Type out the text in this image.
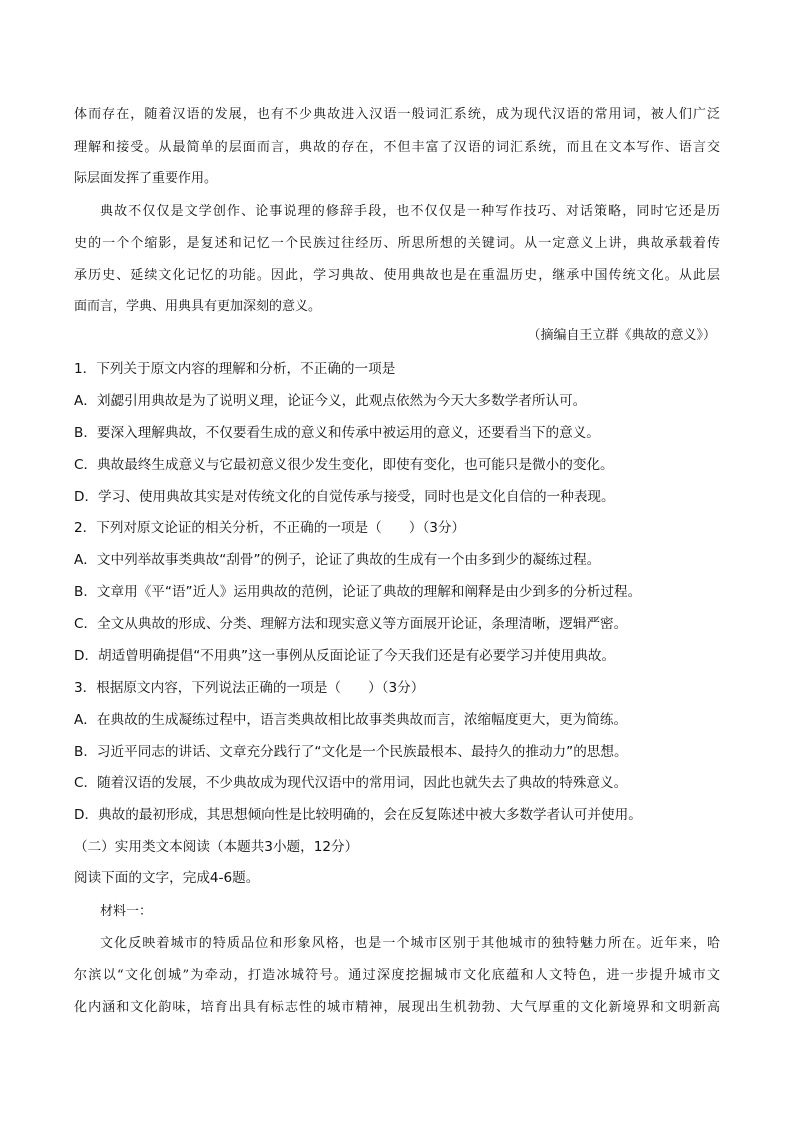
体而存在，随着汉语的发展，也有不少典故进入汉语一般词汇系统，成为现代汉语的常用词，被人们广泛
理解和接受。从最简单的层面而言，典故的存在，不但丰富了汉语的词汇系统，而且在文本写作、语言交
际层面发挥了重要作用。
典故不仅仅是文学创作、论事说理的修辞手段，也不仅仅是一种写作技巧、对话策略，同时它还是历
史的一个个缩影，是复述和记忆一个民族过往经历、所思所想的关键词。从一定意义上讲，典故承载着传
承历史、延续文化记忆的功能。因此，学习典故、使用典故也是在重温历史，继承中国传统文化。从此层
面而言，学典、用典具有更加深刻的意义。
（摘编自王立群《典故的意义》）
1．下列关于原文内容的理解和分析，不正确的一项是
A．刘勰引用典故是为了说明义理，论证今义，此观点依然为今天大多数学者所认可。
B．要深入理解典故，不仅要看生成的意义和传承中被运用的意义，还要看当下的意义。
C．典故最终生成意义与它最初意义很少发生变化，即使有变化，也可能只是微小的变化。
D．学习、使用典故其实是对传统文化的自觉传承与接受，同时也是文化自信的一种表现。
2．下列对原文论证的相关分析，不正确的一项是（　　）（3分）
A．文中列举故事类典故“刮骨”的例子，论证了典故的生成有一个由多到少的凝练过程。
B．文章用《平“语”近人》运用典故的范例，论证了典故的理解和阐释是由少到多的分析过程。
C．全文从典故的形成、分类、理解方法和现实意义等方面展开论证，条理清晰，逻辑严密。
D．胡适曾明确提倡“不用典”这一事例从反面论证了今天我们还是有必要学习并使用典故。
3．根据原文内容，下列说法正确的一项是（　　）（3分）
A．在典故的生成凝练过程中，语言类典故相比故事类典故而言，浓缩幅度更大，更为简练。
B．习近平同志的讲话、文章充分践行了“文化是一个民族最根本、最持久的推动力”的思想。
C．随着汉语的发展，不少典故成为现代汉语中的常用词，因此也就失去了典故的特殊意义。
D．典故的最初形成，其思想倾向性是比较明确的，会在反复陈述中被大多数学者认可并使用。
（二）实用类文本阅读（本题共3小题，12分）
阅读下面的文字，完成4-6题。
材料一：
文化反映着城市的特质品位和形象风格，也是一个城市区别于其他城市的独特魅力所在。近年来，哈
尔滨以“文化创城”为牵动，打造冰城符号。通过深度挖掘城市文化底蕴和人文特色，进一步提升城市文
化内涵和文化韵味，培育出具有标志性的城市精神，展现出生机勃勃、大气厚重的文化新境界和文明新高
